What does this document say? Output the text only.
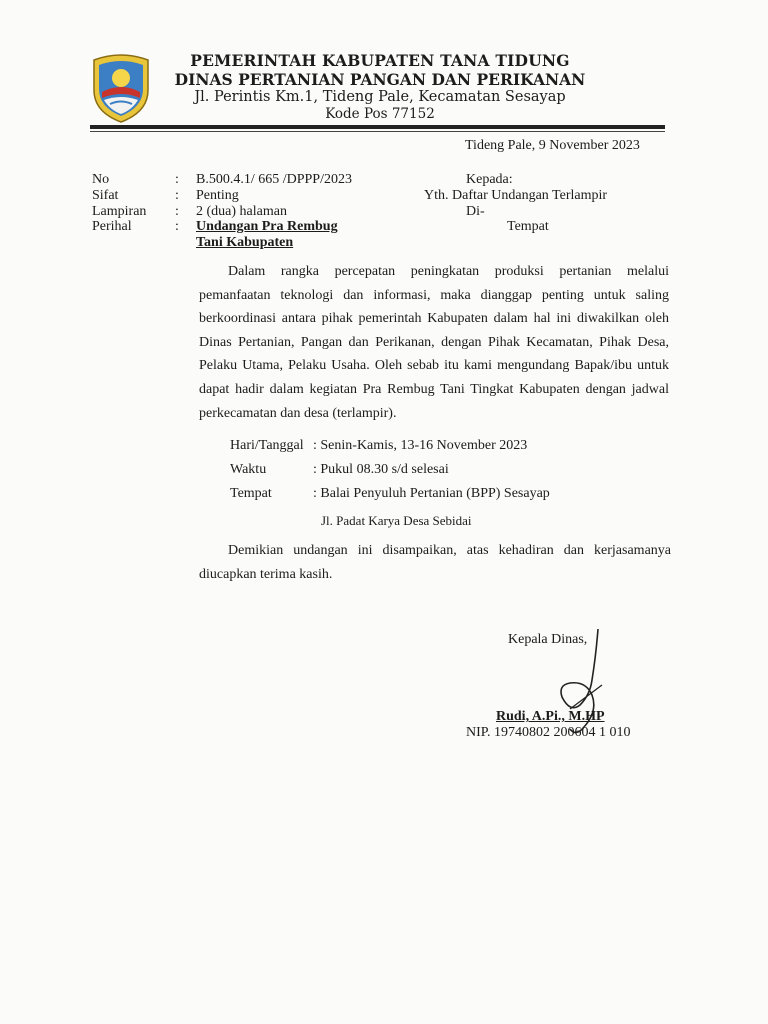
PEMERINTAH KABUPATEN TANA TIDUNG
DINAS PERTANIAN PANGAN DAN PERIKANAN
Jl. Perintis Km.1, Tideng Pale, Kecamatan Sesayap
Kode Pos 77152
Tideng Pale, 9 November 2023
No	: B.500.4.1/ 665 /DPPP/2023
Sifat	: Penting
Lampiran : 2 (dua) halaman
Perihal	: Undangan Pra Rembug
Tani Kabupaten
Kepada:
Yth. Daftar Undangan Terlampir
Di-
Tempat
Dalam rangka percepatan peningkatan produksi pertanian melalui pemanfaatan teknologi dan informasi, maka dianggap penting untuk saling berkoordinasi antara pihak pemerintah Kabupaten dalam hal ini diwakilkan oleh Dinas Pertanian, Pangan dan Perikanan, dengan Pihak Kecamatan, Pihak Desa, Pelaku Utama, Pelaku Usaha. Oleh sebab itu kami mengundang Bapak/ibu untuk dapat hadir dalam kegiatan Pra Rembug Tani Tingkat Kabupaten dengan jadwal perkecamatan dan desa (terlampir).
Hari/Tanggal : Senin-Kamis, 13-16 November 2023
Waktu	: Pukul 08.30 s/d selesai
Tempat	: Balai Penyuluh Pertanian (BPP) Sesayap
Jl. Padat Karya Desa Sebidai
Demikian undangan ini disampaikan, atas kehadiran dan kerjasamanya diucapkan terima kasih.
Kepala Dinas,
Rudi, A.Pi., M.HP
NIP. 19740802 200604 1 010
